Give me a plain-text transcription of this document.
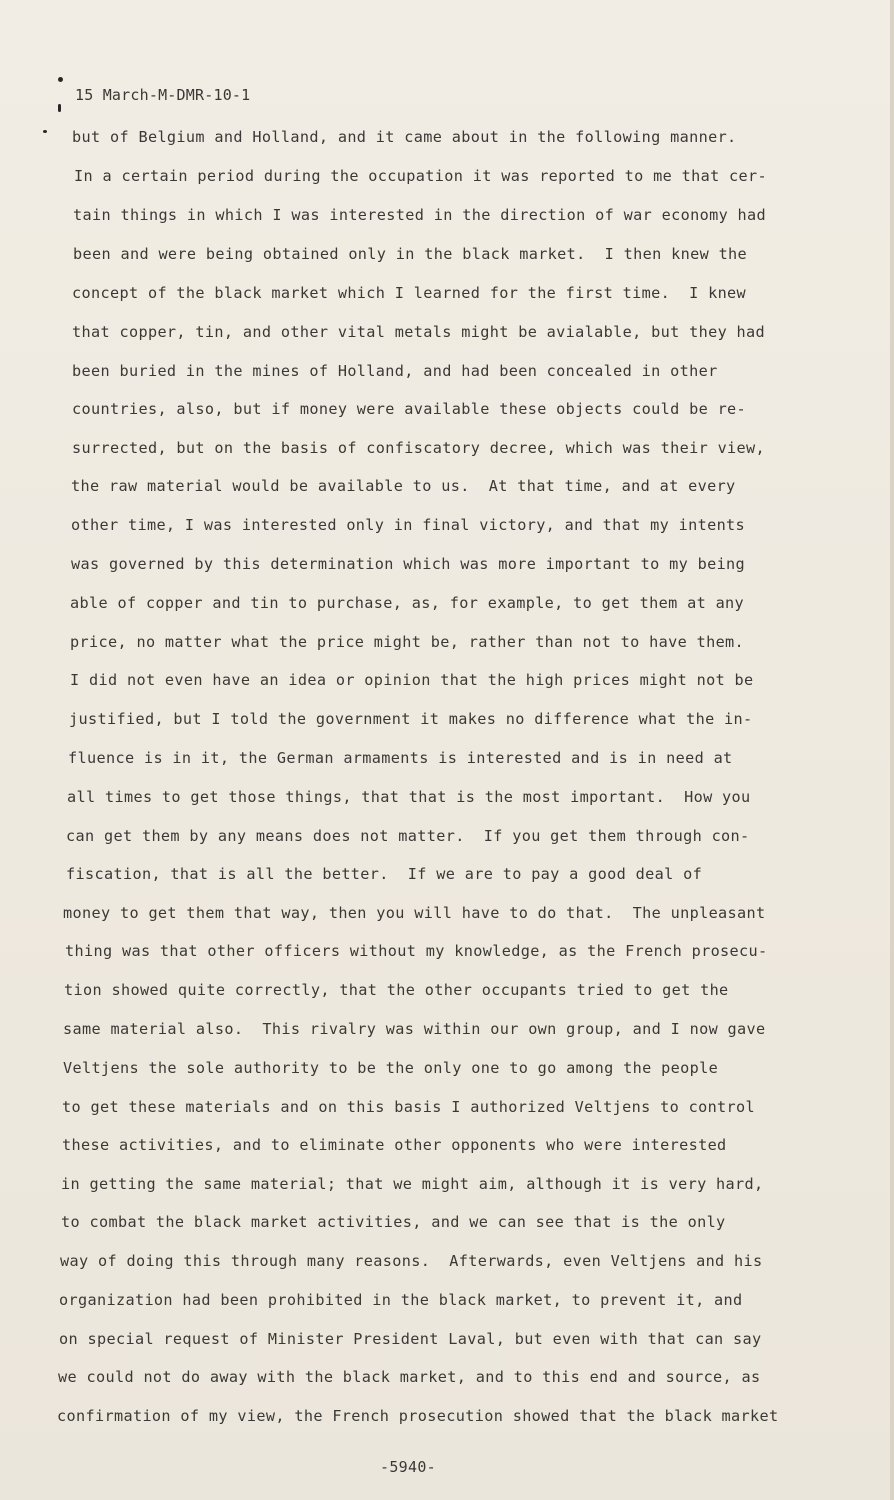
15 March-M-DMR-10-1
but of Belgium and Holland, and it came about in the following manner.
In a certain period during the occupation it was reported to me that cer-
tain things in which I was interested in the direction of war economy had
been and were being obtained only in the black market.  I then knew the
concept of the black market which I learned for the first time.  I knew
that copper, tin, and other vital metals might be avialable, but they had
been buried in the mines of Holland, and had been concealed in other
countries, also, but if money were available these objects could be re-
surrected, but on the basis of confiscatory decree, which was their view,
the raw material would be available to us.  At that time, and at every
other time, I was interested only in final victory, and that my intents
was governed by this determination which was more important to my being
able of copper and tin to purchase, as, for example, to get them at any
price, no matter what the price might be, rather than not to have them.
I did not even have an idea or opinion that the high prices might not be
justified, but I told the government it makes no difference what the in-
fluence is in it, the German armaments is interested and is in need at
all times to get those things, that that is the most important.  How you
can get them by any means does not matter.  If you get them through con-
fiscation, that is all the better.  If we are to pay a good deal of
money to get them that way, then you will have to do that.  The unpleasant
thing was that other officers without my knowledge, as the French prosecu-
tion showed quite correctly, that the other occupants tried to get the
same material also.  This rivalry was within our own group, and I now gave
Veltjens the sole authority to be the only one to go among the people
to get these materials and on this basis I authorized Veltjens to control
these activities, and to eliminate other opponents who were interested
in getting the same material; that we might aim, although it is very hard,
to combat the black market activities, and we can see that is the only
way of doing this through many reasons.  Afterwards, even Veltjens and his
organization had been prohibited in the black market, to prevent it, and
on special request of Minister President Laval, but even with that can say
we could not do away with the black market, and to this end and source, as
confirmation of my view, the French prosecution showed that the black market
-5940-
